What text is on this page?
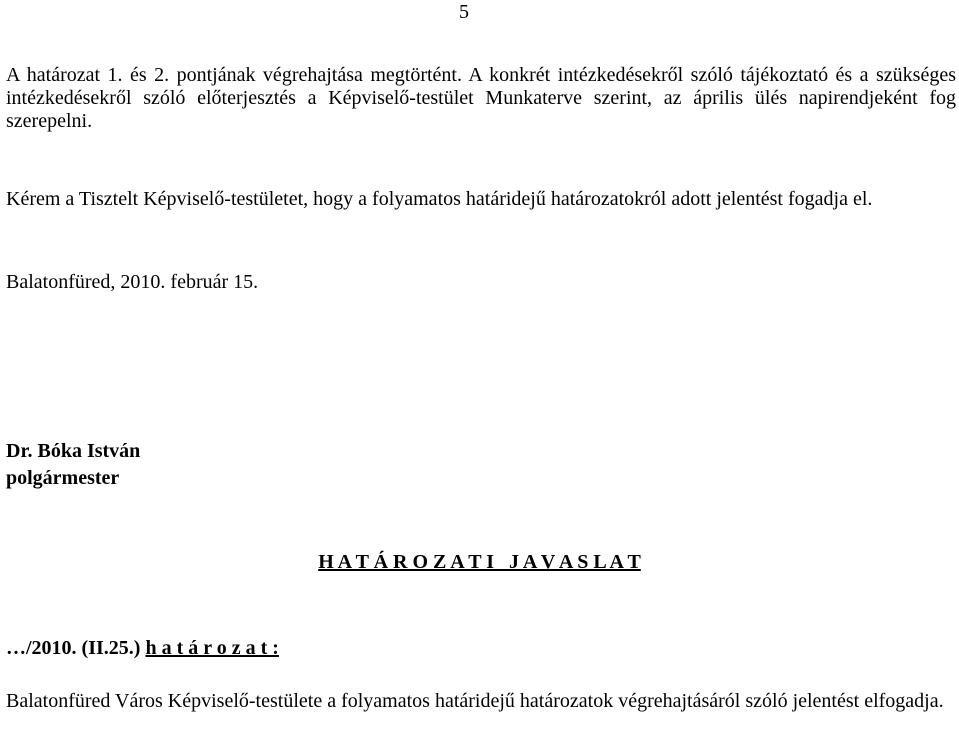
5
A határozat 1. és 2. pontjának végrehajtása megtörtént. A konkrét intézkedésekről szóló tájékoztató és a szükséges intézkedésekről szóló előterjesztés a Képviselő-testület Munkaterve szerint, az április ülés napirendjeként fog szerepelni.
Kérem a Tisztelt Képviselő-testületet, hogy a folyamatos határidejű határozatokról adott jelentést fogadja el.
Balatonfüred, 2010. február 15.
Dr. Bóka István
polgármester
H A T Á R O Z A T I   J A V A S L A T
…/2010. (II.25.) h a t á r o z a t :
Balatonfüred Város Képviselő-testülete a folyamatos határidejű határozatok végrehajtásáról szóló jelentést elfogadja.
